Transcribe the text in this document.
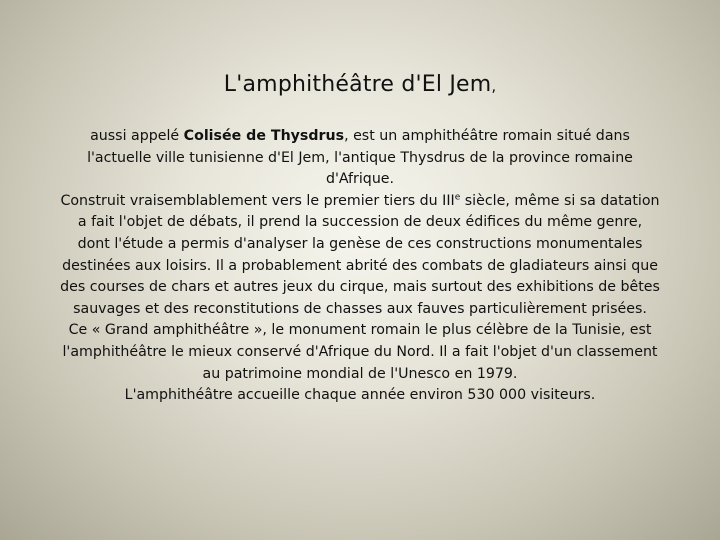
L'amphithéâtre d'El Jem,

aussi appelé Colisée de Thysdrus, est un amphithéâtre romain situé dans l'actuelle ville tunisienne d'El Jem, l'antique Thysdrus de la province romaine d'Afrique.

Construit vraisemblablement vers le premier tiers du IIIe siècle, même si sa datation a fait l'objet de débats, il prend la succession de deux édifices du même genre, dont l'étude a permis d'analyser la genèse de ces constructions monumentales destinées aux loisirs. Il a probablement abrité des combats de gladiateurs ainsi que des courses de chars et autres jeux du cirque, mais surtout des exhibitions de bêtes sauvages et des reconstitutions de chasses aux fauves particulièrement prisées.

Ce « Grand amphithéâtre », le monument romain le plus célèbre de la Tunisie, est l'amphithéâtre le mieux conservé d'Afrique du Nord. Il a fait l'objet d'un classement au patrimoine mondial de l'Unesco en 1979.

L'amphithéâtre accueille chaque année environ 530 000 visiteurs.
